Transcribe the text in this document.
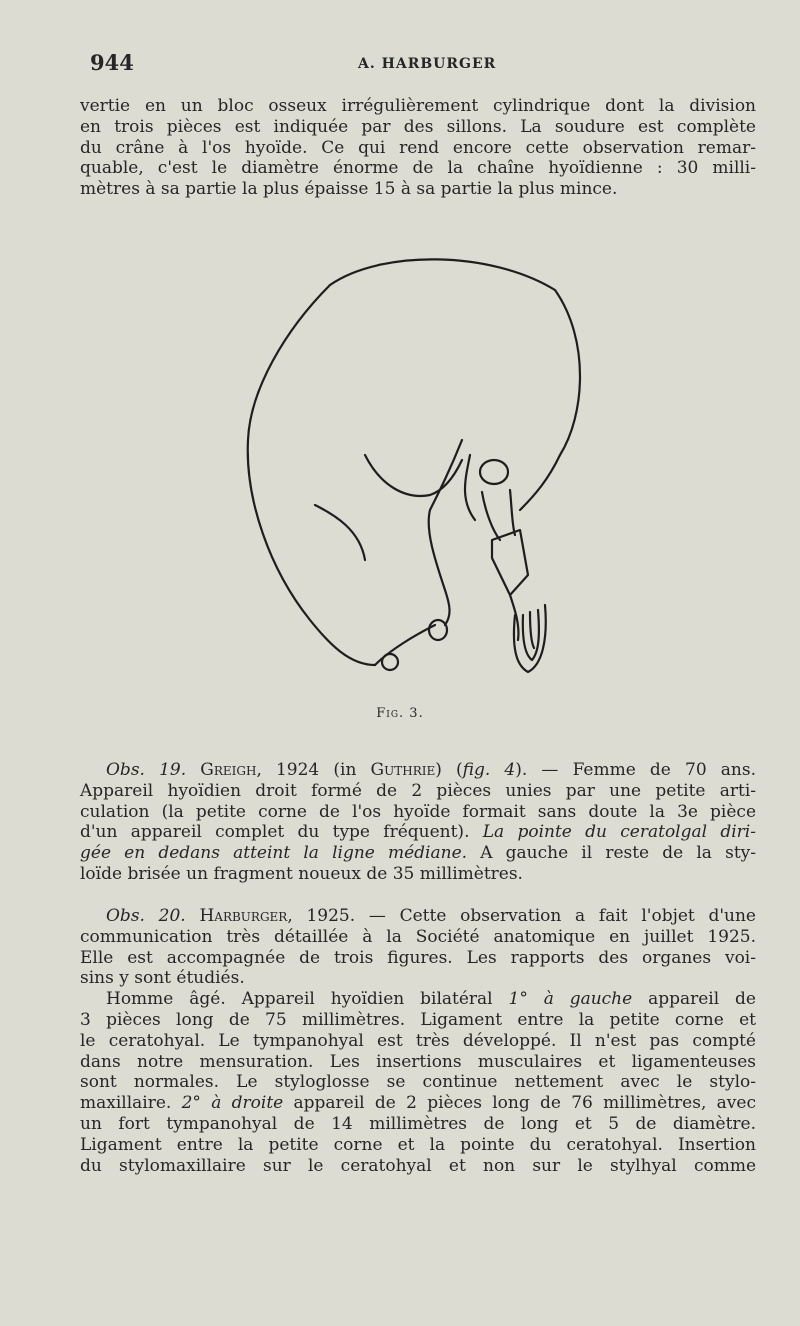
944	A. HARBURGER
vertie en un bloc osseux irrégulièrement cylindrique dont la division
en trois pièces est indiquée par des sillons. La soudure est complète
du crâne à l'os hyoïde. Ce qui rend encore cette observation remar-
quable, c'est le diamètre énorme de la chaîne hyoïdienne : 30 milli-
mètres à sa partie la plus épaisse 15 à sa partie la plus mince.
Fig. 3.
Obs. 19. Greigh, 1924 (in Guthrie) (fig. 4). — Femme de 70 ans.
Appareil hyoïdien droit formé de 2 pièces unies par une petite arti-
culation (la petite corne de l'os hyoïde formait sans doute la 3e pièce
d'un appareil complet du type fréquent). La pointe du ceratolgal diri-
gée en dedans atteint la ligne médiane. A gauche il reste de la sty-
loïde brisée un fragment noueux de 35 millimètres.
Obs. 20. Harburger, 1925. — Cette observation a fait l'objet d'une
communication très détaillée à la Société anatomique en juillet 1925.
Elle est accompagnée de trois figures. Les rapports des organes voi-
sins y sont étudiés.
Homme âgé. Appareil hyoïdien bilatéral 1° à gauche appareil de
3 pièces long de 75 millimètres. Ligament entre la petite corne et
le ceratohyal. Le tympanohyal est très développé. Il n'est pas compté
dans notre mensuration. Les insertions musculaires et ligamenteuses
sont normales. Le styloglosse se continue nettement avec le stylo-
maxillaire. 2° à droite appareil de 2 pièces long de 76 millimètres, avec
un fort tympanohyal de 14 millimètres de long et 5 de diamètre.
Ligament entre la petite corne et la pointe du ceratohyal. Insertion
du stylomaxillaire sur le ceratohyal et non sur le stylhyal comme
